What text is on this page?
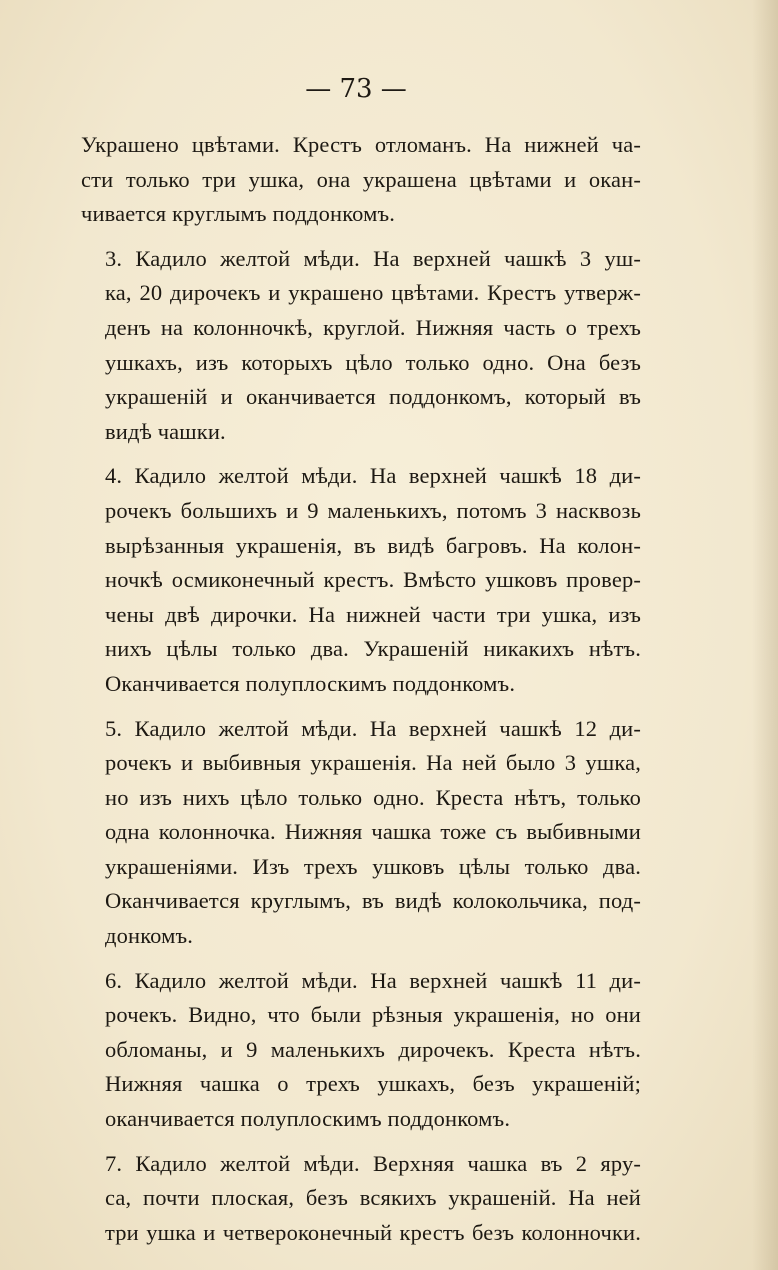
— 73 —

Украшено цвѣтами. Крестъ отломанъ. На нижней ча-
сти только три ушка, она украшена цвѣтами и окан-
чивается круглымъ поддонкомъ.

3. Кадило желтой мѣди. На верхней чашкѣ 3 уш-
ка, 20 дирочекъ и украшено цвѣтами. Крестъ утверж-
денъ на колонночкѣ, круглой. Нижняя часть о трехъ
ушкахъ, изъ которыхъ цѣло только одно. Она безъ
украшеній и оканчивается поддонкомъ, который въ
видѣ чашки.

4. Кадило желтой мѣди. На верхней чашкѣ 18 ди-
рочекъ большихъ и 9 маленькихъ, потомъ 3 насквозь
вырѣзанныя украшенія, въ видѣ багровъ. На колон-
ночкѣ осмиконечный крестъ. Вмѣсто ушковъ провер-
чены двѣ дирочки. На нижней части три ушка, изъ
нихъ цѣлы только два. Украшеній никакихъ нѣтъ.
Оканчивается полуплоскимъ поддонкомъ.

5. Кадило желтой мѣди. На верхней чашкѣ 12 ди-
рочекъ и выбивныя украшенія. На ней было 3 ушка,
но изъ нихъ цѣло только одно. Креста нѣтъ, только
одна колонночка. Нижняя чашка тоже съ выбивными
украшеніями. Изъ трехъ ушковъ цѣлы только два.
Оканчивается круглымъ, въ видѣ колокольчика, под-
донкомъ.

6. Кадило желтой мѣди. На верхней чашкѣ 11 ди-
рочекъ. Видно, что были рѣзныя украшенія, но они
обломаны, и 9 маленькихъ дирочекъ. Креста нѣтъ.
Нижняя чашка о трехъ ушкахъ, безъ украшеній;
оканчивается полуплоскимъ поддонкомъ.

7. Кадило желтой мѣди. Верхняя чашка въ 2 яру-
са, почти плоская, безъ всякихъ украшеній. На ней
три ушка и четвероконечный крестъ безъ колонночки.
